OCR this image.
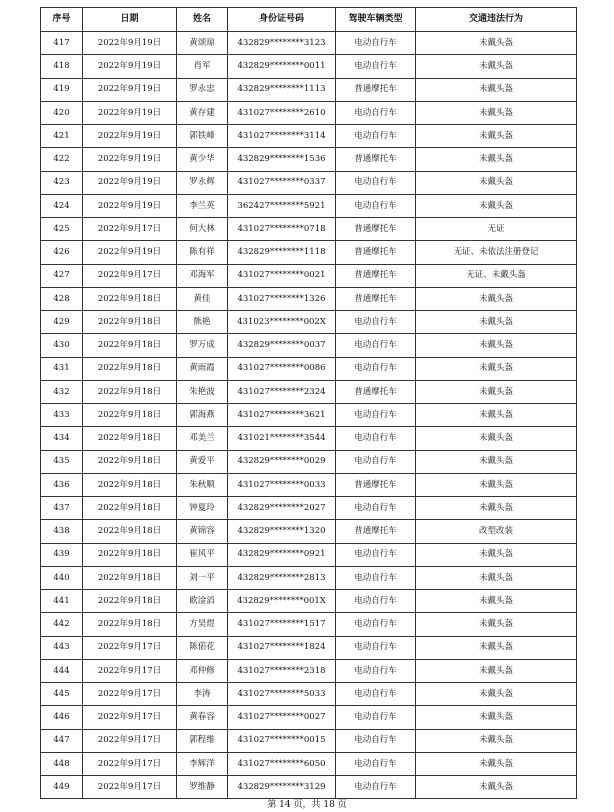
序号	日期	姓名	身份证号码	驾驶车辆类型	交通违法行为
417	2022年9月19日	黄颂琼	432829********3123	电动自行车	未戴头盔
418	2022年9月19日	肖军	432829********0011	电动自行车	未戴头盔
419	2022年9月19日	罗永忠	432829********1113	普通摩托车	未戴头盔
420	2022年9月19日	黄存建	431027********2610	电动自行车	未戴头盔
421	2022年9月19日	郭铁峰	431027********3114	电动自行车	未戴头盔
422	2022年9月19日	黄少华	432829********1536	普通摩托车	未戴头盔
423	2022年9月19日	罗永辉	431027********0337	电动自行车	未戴头盔
424	2022年9月19日	李兰英	362427********5921	电动自行车	未戴头盔
425	2022年9月17日	何大林	431027********0718	普通摩托车	无证
426	2022年9月19日	陈有祥	432829********1118	普通摩托车	无证、未依法注册登记
427	2022年9月17日	邓海军	431027********0021	普通摩托车	无证、未戴头盔
428	2022年9月18日	黄佳	431027********1326	普通摩托车	未戴头盔
429	2022年9月18日	熊艳	431023********002X	电动自行车	未戴头盔
430	2022年9月18日	罗万成	432829********0037	电动自行车	未戴头盔
431	2022年9月18日	黄雨霞	431027********0086	电动自行车	未戴头盔
432	2022年9月18日	朱艳波	431027********2324	普通摩托车	未戴头盔
433	2022年9月18日	郭海燕	431027********3621	电动自行车	未戴头盔
434	2022年9月18日	邓美兰	431021********3544	电动自行车	未戴头盔
435	2022年9月18日	黄爱平	432829********0029	电动自行车	未戴头盔
436	2022年9月18日	朱秋顺	431027********0033	普通摩托车	未戴头盔
437	2022年9月18日	钟夏玲	432829********2027	电动自行车	未戴头盔
438	2022年9月18日	黄锦容	432829********1320	普通摩托车	改型改装
439	2022年9月18日	崔风平	432829********0921	电动自行车	未戴头盔
440	2022年9月18日	刘一平	432829********2813	电动自行车	未戴头盔
441	2022年9月18日	欧淦滔	432829********001X	电动自行车	未戴头盔
442	2022年9月18日	方昊煜	431027********1517	电动自行车	未戴头盔
443	2022年9月17日	陈偌花	431027********1824	电动自行车	未戴头盔
444	2022年9月17日	邓仲修	431027********2318	电动自行车	未戴头盔
445	2022年9月17日	李涛	431027********5033	电动自行车	未戴头盔
446	2022年9月17日	黄春容	431027********0027	电动自行车	未戴头盔
447	2022年9月17日	郭程维	431027********0015	电动自行车	未戴头盔
448	2022年9月17日	李辉洋	431027********6050	电动自行车	未戴头盔
449	2022年9月17日	罗维静	432829********3129	电动自行车	未戴头盔
第 14 页，共 18 页
